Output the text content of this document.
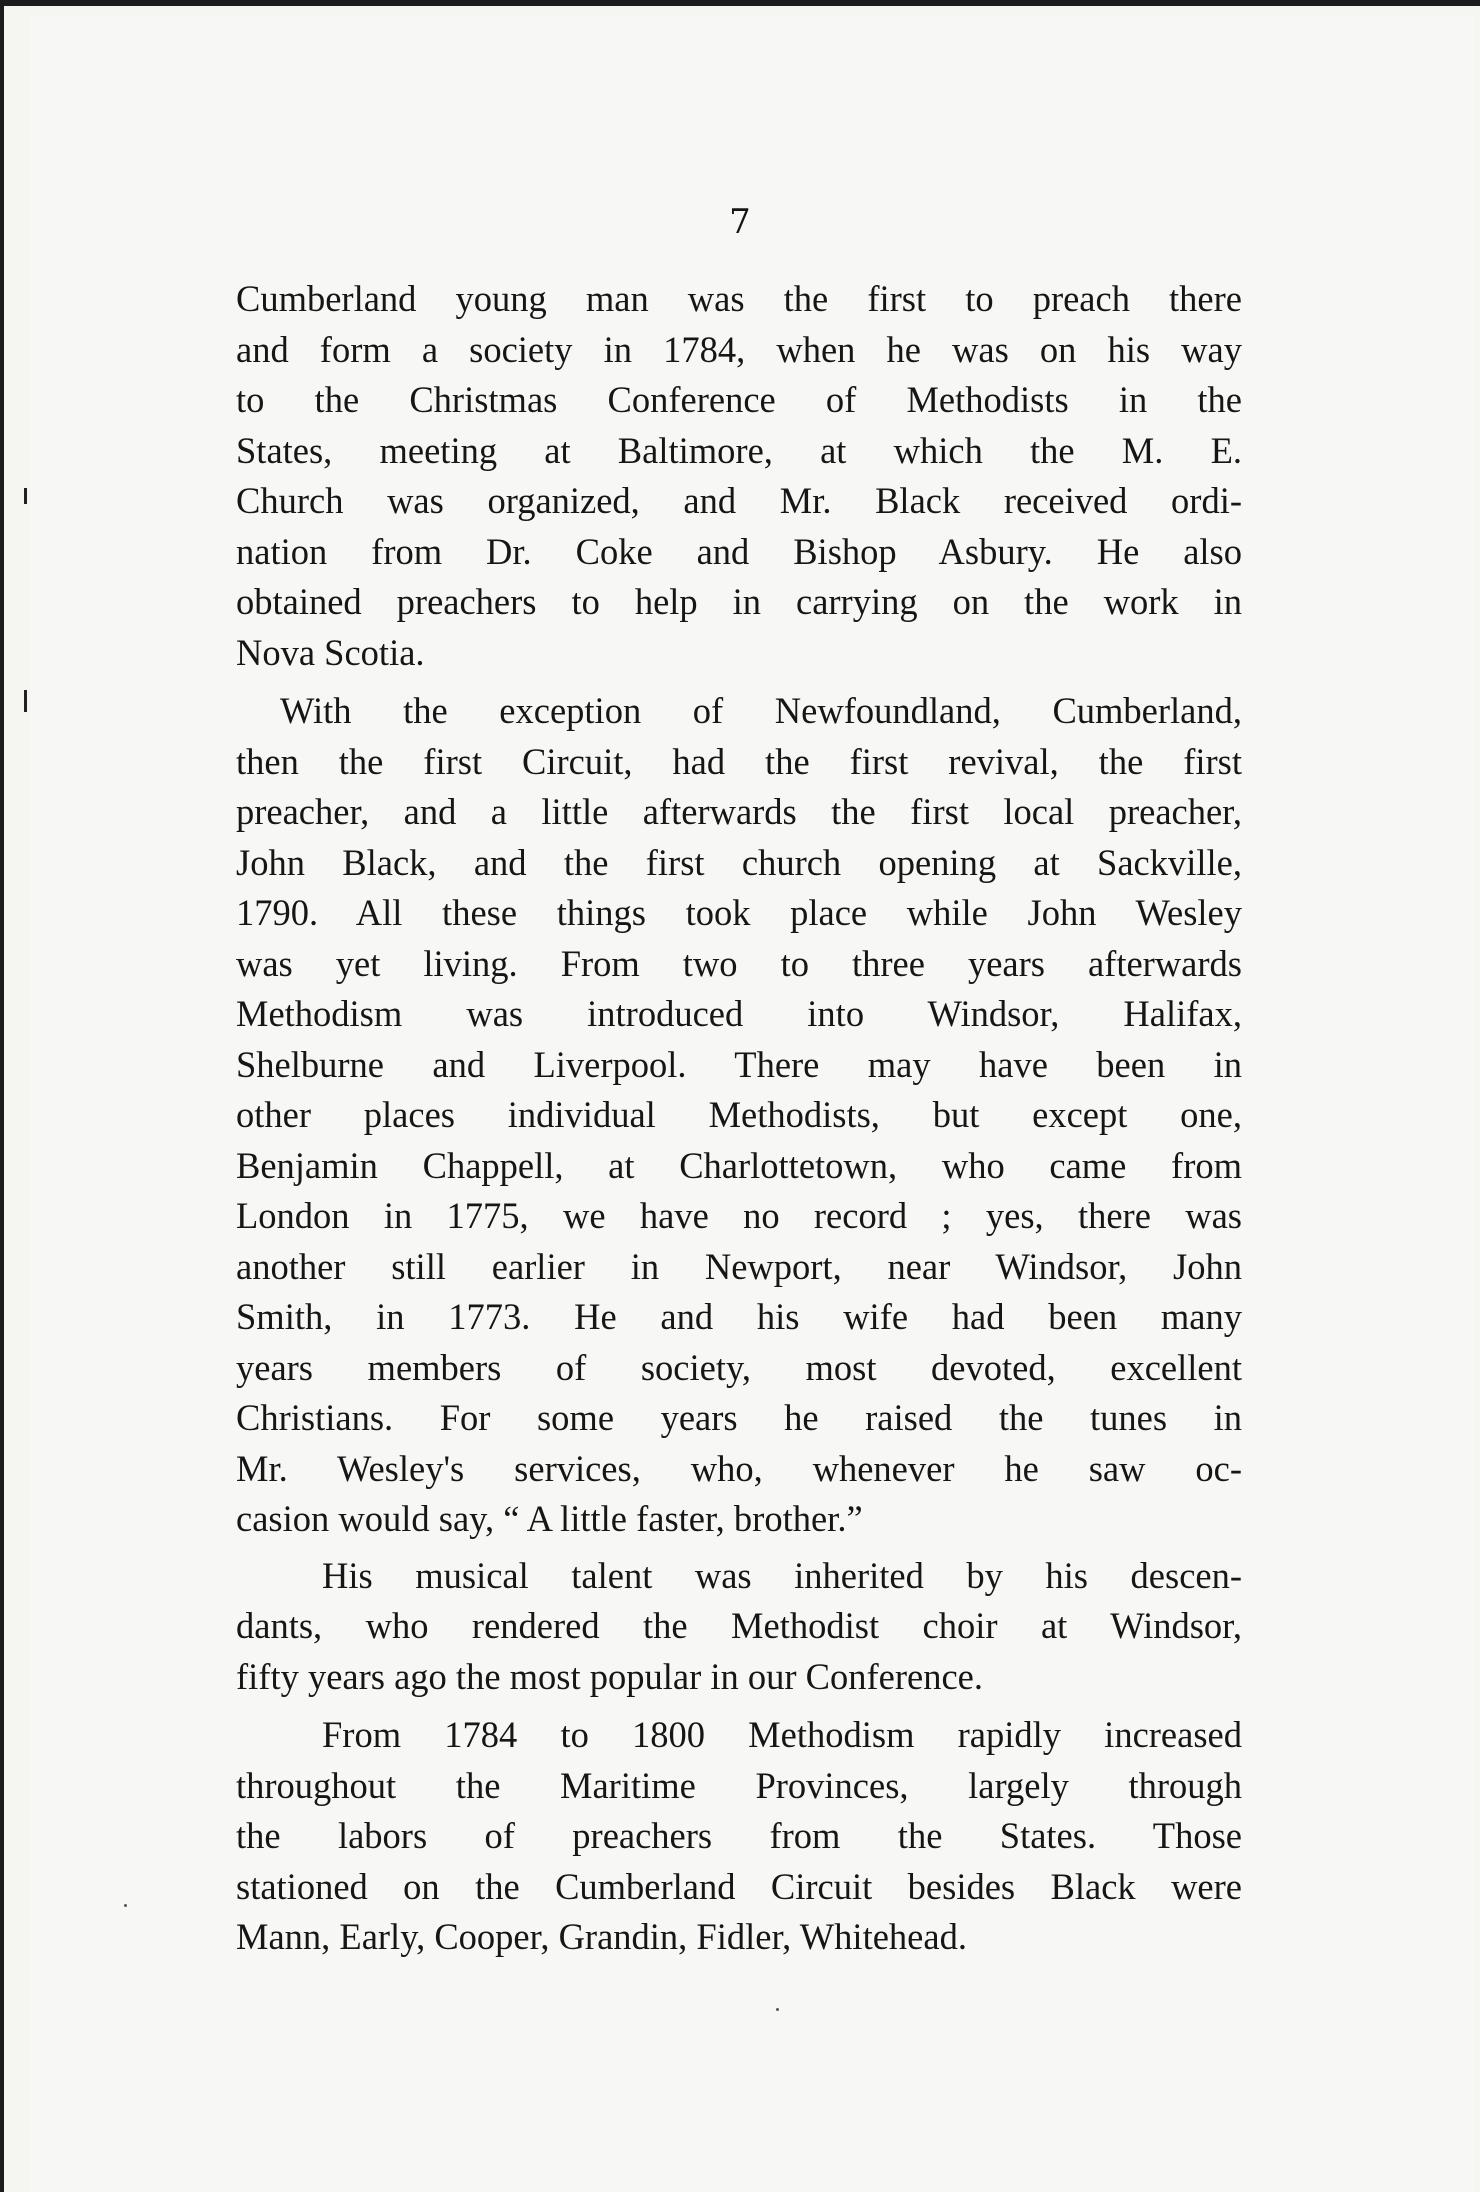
7

Cumberland young man was the first to preach there
and form a society in 1784, when he was on his way
to the Christmas Conference of Methodists in the
States, meeting at Baltimore, at which the M. E.
Church was organized, and Mr. Black received ordi-
nation from Dr. Coke and Bishop Asbury. He also
obtained preachers to help in carrying on the work in
Nova Scotia.

With the exception of Newfoundland, Cumberland,
then the first Circuit, had the first revival, the first
preacher, and a little afterwards the first local preacher,
John Black, and the first church opening at Sackville,
1790. All these things took place while John Wesley
was yet living. From two to three years afterwards
Methodism was introduced into Windsor, Halifax,
Shelburne and Liverpool. There may have been in
other places individual Methodists, but except one,
Benjamin Chappell, at Charlottetown, who came from
London in 1775, we have no record ; yes, there was
another still earlier in Newport, near Windsor, John
Smith, in 1773. He and his wife had been many
years members of society, most devoted, excellent
Christians. For some years he raised the tunes in
Mr. Wesley's services, who, whenever he saw oc-
casion would say, “ A little faster, brother.”

His musical talent was inherited by his descen-
dants, who rendered the Methodist choir at Windsor,
fifty years ago the most popular in our Conference.

From 1784 to 1800 Methodism rapidly increased
throughout the Maritime Provinces, largely through
the labors of preachers from the States. Those
stationed on the Cumberland Circuit besides Black were
Mann, Early, Cooper, Grandin, Fidler, Whitehead.
